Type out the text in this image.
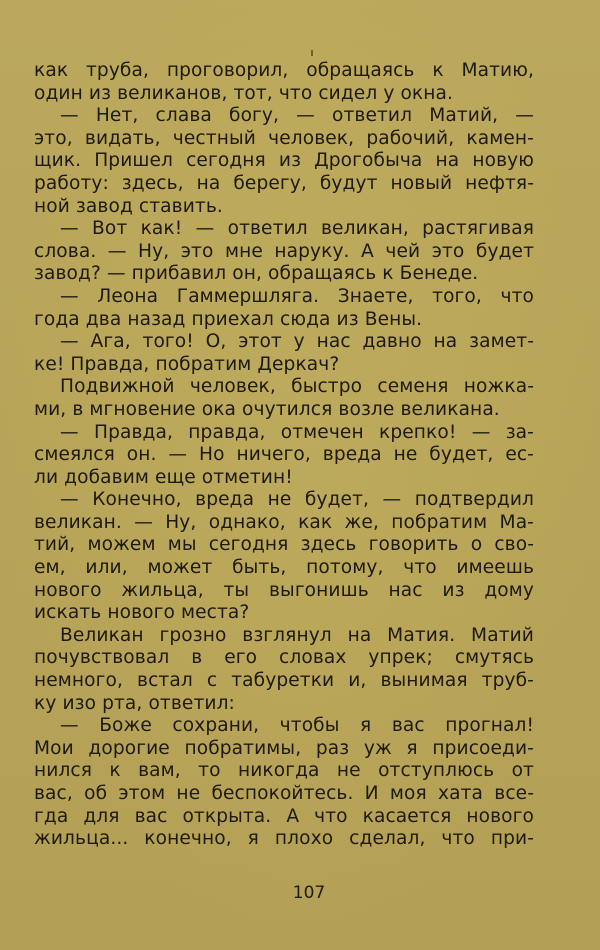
как труба, проговорил, обращаясь к Матию,
один из великанов, тот, что сидел у окна.
— Нет, слава богу, — ответил Матий, —
это, видать, честный человек, рабочий, камен-
щик. Пришел сегодня из Дрогобыча на новую
работу: здесь, на берегу, будут новый нефтя-
ной завод ставить.
— Вот как! — ответил великан, растягивая
слова. — Ну, это мне наруку. А чей это будет
завод? — прибавил он, обращаясь к Бенеде.
— Леона Гаммершляга. Знаете, того, что
года два назад приехал сюда из Вены.
— Ага, того! О, этот у нас давно на замет-
ке! Правда, побратим Деркач?
Подвижной человек, быстро семеня ножка-
ми, в мгновение ока очутился возле великана.
— Правда, правда, отмечен крепко! — за-
смеялся он. — Но ничего, вреда не будет, ес-
ли добавим еще отметин!
— Конечно, вреда не будет, — подтвердил
великан. — Ну, однако, как же, побратим Ма-
тий, можем мы сегодня здесь говорить о сво-
ем, или, может быть, потому, что имеешь
нового жильца, ты выгонишь нас из дому
искать нового места?
Великан грозно взглянул на Матия. Матий
почувствовал в его словах упрек; смутясь
немного, встал с табуретки и, вынимая труб-
ку изо рта, ответил:
— Боже сохрани, чтобы я вас прогнал!
Мои дорогие побратимы, раз уж я присоеди-
нился к вам, то никогда не отступлюсь от
вас, об этом не беспокойтесь. И моя хата все-
гда для вас открыта. А что касается нового
жильца... конечно, я плохо сделал, что при-
107
